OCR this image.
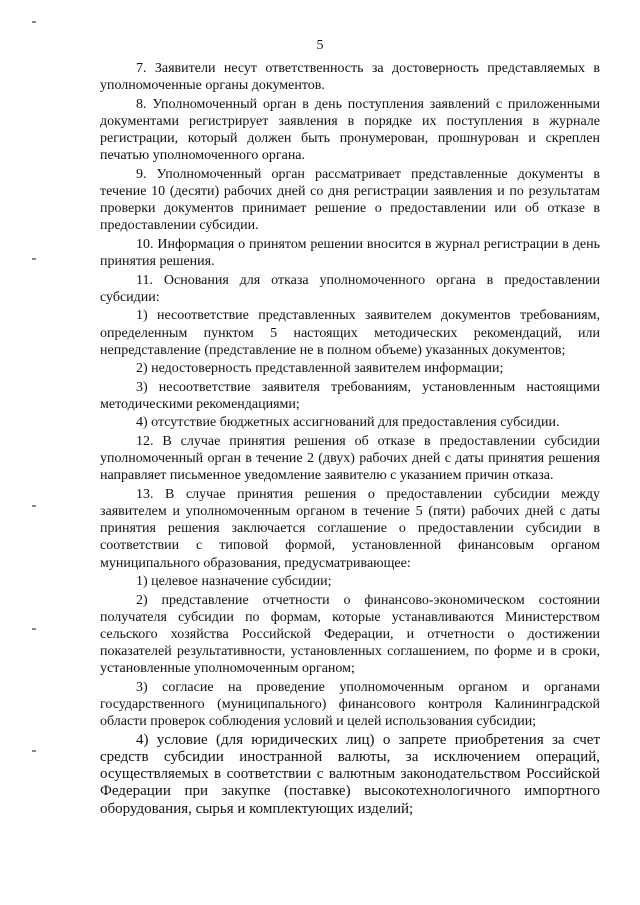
5

7. Заявители несут ответственность за достоверность представляемых в уполномоченные органы документов.

8. Уполномоченный орган в день поступления заявлений с приложенными документами регистрирует заявления в порядке их поступления в журнале регистрации, который должен быть пронумерован, прошнурован и скреплен печатью уполномоченного органа.

9. Уполномоченный орган рассматривает представленные документы в течение 10 (десяти) рабочих дней со дня регистрации заявления и по результатам проверки документов принимает решение о предоставлении или об отказе в предоставлении субсидии.

10. Информация о принятом решении вносится в журнал регистрации в день принятия решения.

11. Основания для отказа уполномоченного органа в предоставлении субсидии:

1) несоответствие представленных заявителем документов требованиям, определенным пунктом 5 настоящих методических рекомендаций, или непредставление (представление не в полном объеме) указанных документов;

2) недостоверность представленной заявителем информации;

3) несоответствие заявителя требованиям, установленным настоящими методическими рекомендациями;

4) отсутствие бюджетных ассигнований для предоставления субсидии.

12. В случае принятия решения об отказе в предоставлении субсидии уполномоченный орган в течение 2 (двух) рабочих дней с даты принятия решения направляет письменное уведомление заявителю с указанием причин отказа.

13. В случае принятия решения о предоставлении субсидии между заявителем и уполномоченным органом в течение 5 (пяти) рабочих дней с даты принятия решения заключается соглашение о предоставлении субсидии в соответствии с типовой формой, установленной финансовым органом муниципального образования, предусматривающее:

1) целевое назначение субсидии;

2) представление отчетности о финансово-экономическом состоянии получателя субсидии по формам, которые устанавливаются Министерством сельского хозяйства Российской Федерации, и отчетности о достижении показателей результативности, установленных соглашением, по форме и в сроки, установленные уполномоченным органом;

3) согласие на проведение уполномоченным органом и органами государственного (муниципального) финансового контроля Калининградской области проверок соблюдения условий и целей использования субсидии;

4) условие (для юридических лиц) о запрете приобретения за счет средств субсидии иностранной валюты, за исключением операций, осуществляемых в соответствии с валютным законодательством Российской Федерации при закупке (поставке) высокотехнологичного импортного оборудования, сырья и комплектующих изделий;
